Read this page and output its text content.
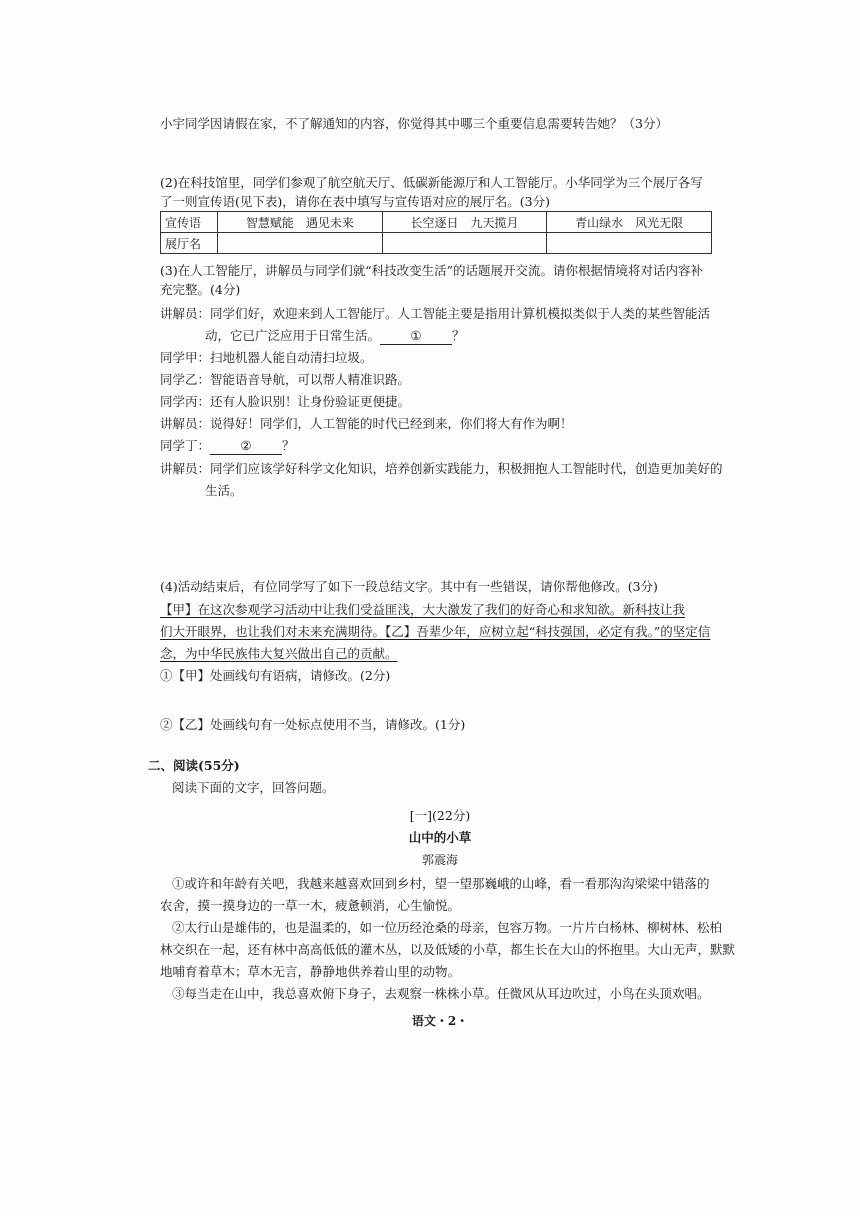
小宇同学因请假在家，不了解通知的内容，你觉得其中哪三个重要信息需要转告她？（3分）
(2)在科技馆里，同学们参观了航空航天厅、低碳新能源厅和人工智能厅。小华同学为三个展厅各写
了一则宣传语(见下表)，请你在表中填写与宣传语对应的展厅名。(3分)
宣传语	智慧赋能　遇见未来	长空逐日　九天揽月	青山绿水　风光无限
展厅名			
(3)在人工智能厅，讲解员与同学们就“科技改变生活”的话题展开交流。请你根据情境将对话内容补
充完整。(4分)
讲解员：同学们好，欢迎来到人工智能厅。人工智能主要是指用计算机模拟类似于人类的某些智能活
动，它已广泛应用于日常生活。 ① ？
同学甲：扫地机器人能自动清扫垃圾。
同学乙：智能语音导航，可以帮人精准识路。
同学丙：还有人脸识别！让身份验证更便捷。
讲解员：说得好！同学们，人工智能的时代已经到来，你们将大有作为啊！
同学丁： ② ？
讲解员：同学们应该学好科学文化知识，培养创新实践能力，积极拥抱人工智能时代，创造更加美好的
生活。
(4)活动结束后，有位同学写了如下一段总结文字。其中有一些错误，请你帮他修改。(3分)
【甲】在这次参观学习活动中让我们受益匪浅，大大激发了我们的好奇心和求知欲。新科技让我
们大开眼界，也让我们对未来充满期待。【乙】吾辈少年，应树立起“科技强国，必定有我。”的坚定信
念，为中华民族伟大复兴做出自己的贡献。
①【甲】处画线句有语病，请修改。(2分)
②【乙】处画线句有一处标点使用不当，请修改。(1分)
二、阅读(55分)
阅读下面的文字，回答问题。
[一](22分)
山中的小草
郭震海
①或许和年龄有关吧，我越来越喜欢回到乡村，望一望那巍峨的山峰，看一看那沟沟梁梁中错落的
农舍，摸一摸身边的一草一木，疲惫顿消，心生愉悦。
②太行山是雄伟的，也是温柔的，如一位历经沧桑的母亲，包容万物。一片片白杨林、柳树林、松柏
林交织在一起，还有林中高高低低的灌木丛，以及低矮的小草，都生长在大山的怀抱里。大山无声，默默
地哺育着草木；草木无言，静静地供养着山里的动物。
③每当走在山中，我总喜欢俯下身子，去观察一株株小草。任微风从耳边吹过，小鸟在头顶欢唱。
语文・2・
